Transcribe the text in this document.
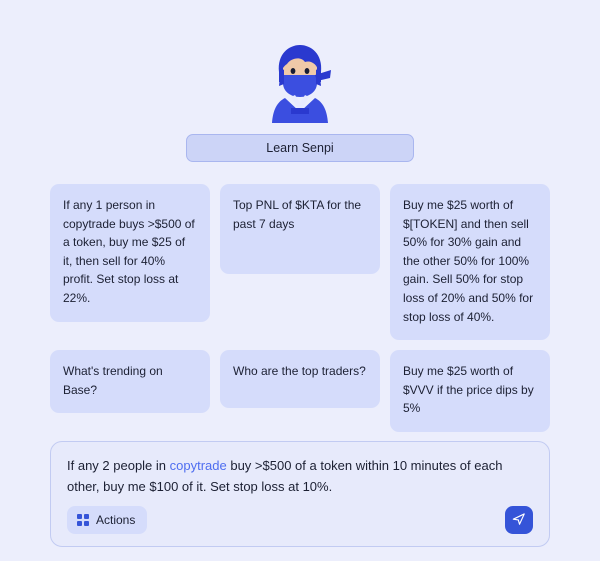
Learn Senpi
If any 1 person in copytrade buys >$500 of a token, buy me $25 of it, then sell for 40% profit. Set stop loss at 22%.
Top PNL of $KTA for the past 7 days
Buy me $25 worth of $[TOKEN] and then sell 50% for 30% gain and the other 50% for 100% gain. Sell 50% for stop loss of 20% and 50% for stop loss of 40%.
What's trending on Base?
Who are the top traders?	Buy me $25 worth of $VVV if the price dips by 5%
If any 2 people in copytrade buy >$500 of a token within 10 minutes of each other, buy me $100 of it. Set stop loss at 10%.
Actions
